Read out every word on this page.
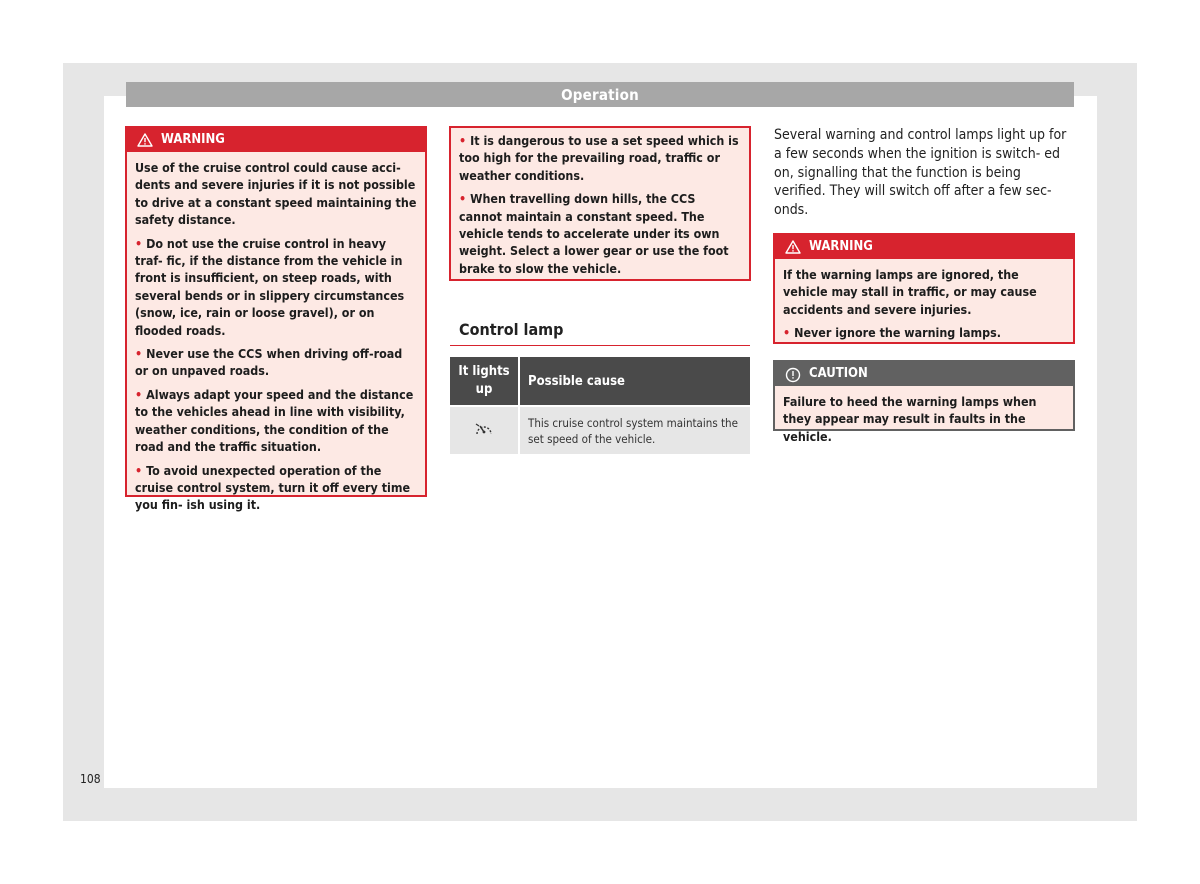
Operation
WARNING

Use of the cruise control could cause acci- dents and severe injuries if it is not possible to drive at a constant speed maintaining the safety distance.

• Do not use the cruise control in heavy traf- fic, if the distance from the vehicle in front is insufficient, on steep roads, with several bends or in slippery circumstances (snow, ice, rain or loose gravel), or on flooded roads.

• Never use the CCS when driving off-road or on unpaved roads.

• Always adapt your speed and the distance to the vehicles ahead in line with visibility, weather conditions, the condition of the road and the traffic situation.

• To avoid unexpected operation of the cruise control system, turn it off every time you fin- ish using it.

• It is dangerous to use a set speed which is too high for the prevailing road, traffic or weather conditions.

• When travelling down hills, the CCS cannot maintain a constant speed. The vehicle tends to accelerate under its own weight. Select a lower gear or use the foot brake to slow the vehicle.

Control lamp
It lights up	Possible cause
	This cruise control system maintains the set speed of the vehicle.
Several warning and control lamps light up for a few seconds when the ignition is switch- ed on, signalling that the function is being verified. They will switch off after a few sec- onds.
WARNING

If the warning lamps are ignored, the vehicle may stall in traffic, or may cause accidents and severe injuries.

• Never ignore the warning lamps.

CAUTION

Failure to heed the warning lamps when they appear may result in faults in the vehicle.

108
